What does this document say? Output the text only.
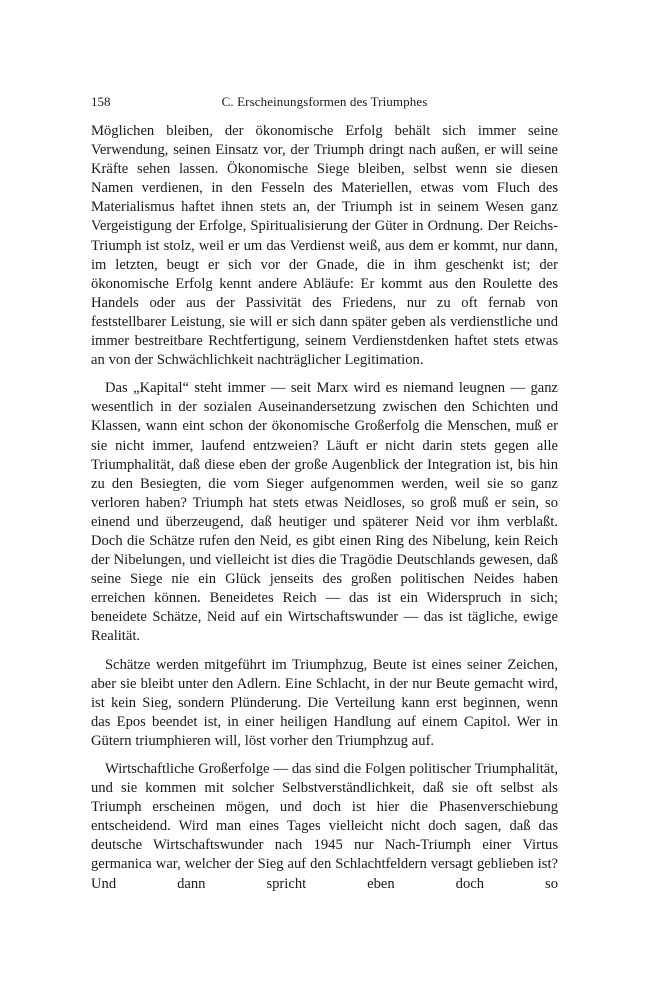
158	C. Erscheinungsformen des Triumphes

Möglichen bleiben, der ökonomische Erfolg behält sich immer seine Verwendung, seinen Einsatz vor, der Triumph dringt nach außen, er will seine Kräfte sehen lassen. Ökonomische Siege bleiben, selbst wenn sie diesen Namen verdienen, in den Fesseln des Materiellen, etwas vom Fluch des Materialismus haftet ihnen stets an, der Triumph ist in seinem Wesen ganz Vergeistigung der Erfolge, Spiritualisierung der Güter in Ordnung. Der Reichs-Triumph ist stolz, weil er um das Verdienst weiß, aus dem er kommt, nur dann, im letzten, beugt er sich vor der Gnade, die in ihm geschenkt ist; der ökonomische Erfolg kennt andere Abläufe: Er kommt aus den Roulette des Handels oder aus der Passivität des Friedens, nur zu oft fernab von feststellbarer Leistung, sie will er sich dann später geben als verdienstliche und immer bestreitbare Rechtfertigung, seinem Verdienstdenken haftet stets etwas an von der Schwächlichkeit nachträglicher Legitimation.

Das „Kapital“ steht immer — seit Marx wird es niemand leugnen — ganz wesentlich in der sozialen Auseinandersetzung zwischen den Schichten und Klassen, wann eint schon der ökonomische Großerfolg die Menschen, muß er sie nicht immer, laufend entzweien? Läuft er nicht darin stets gegen alle Triumphalität, daß diese eben der große Augenblick der Integration ist, bis hin zu den Besiegten, die vom Sieger aufgenommen werden, weil sie so ganz verloren haben? Triumph hat stets etwas Neidloses, so groß muß er sein, so einend und überzeugend, daß heutiger und späterer Neid vor ihm verblaßt. Doch die Schätze rufen den Neid, es gibt einen Ring des Nibelung, kein Reich der Nibelungen, und vielleicht ist dies die Tragödie Deutschlands gewesen, daß seine Siege nie ein Glück jenseits des großen politischen Neides haben erreichen können. Beneidetes Reich — das ist ein Widerspruch in sich; beneidete Schätze, Neid auf ein Wirtschaftswunder — das ist tägliche, ewige Realität.

Schätze werden mitgeführt im Triumphzug, Beute ist eines seiner Zeichen, aber sie bleibt unter den Adlern. Eine Schlacht, in der nur Beute gemacht wird, ist kein Sieg, sondern Plünderung. Die Verteilung kann erst beginnen, wenn das Epos beendet ist, in einer heiligen Handlung auf einem Capitol. Wer in Gütern triumphieren will, löst vorher den Triumphzug auf.

Wirtschaftliche Großerfolge — das sind die Folgen politischer Triumphalität, und sie kommen mit solcher Selbstverständlichkeit, daß sie oft selbst als Triumph erscheinen mögen, und doch ist hier die Phasenverschiebung entscheidend. Wird man eines Tages vielleicht nicht doch sagen, daß das deutsche Wirtschaftswunder nach 1945 nur Nach-Triumph einer Virtus germanica war, welcher der Sieg auf den Schlachtfeldern versagt geblieben ist? Und dann spricht eben doch so
